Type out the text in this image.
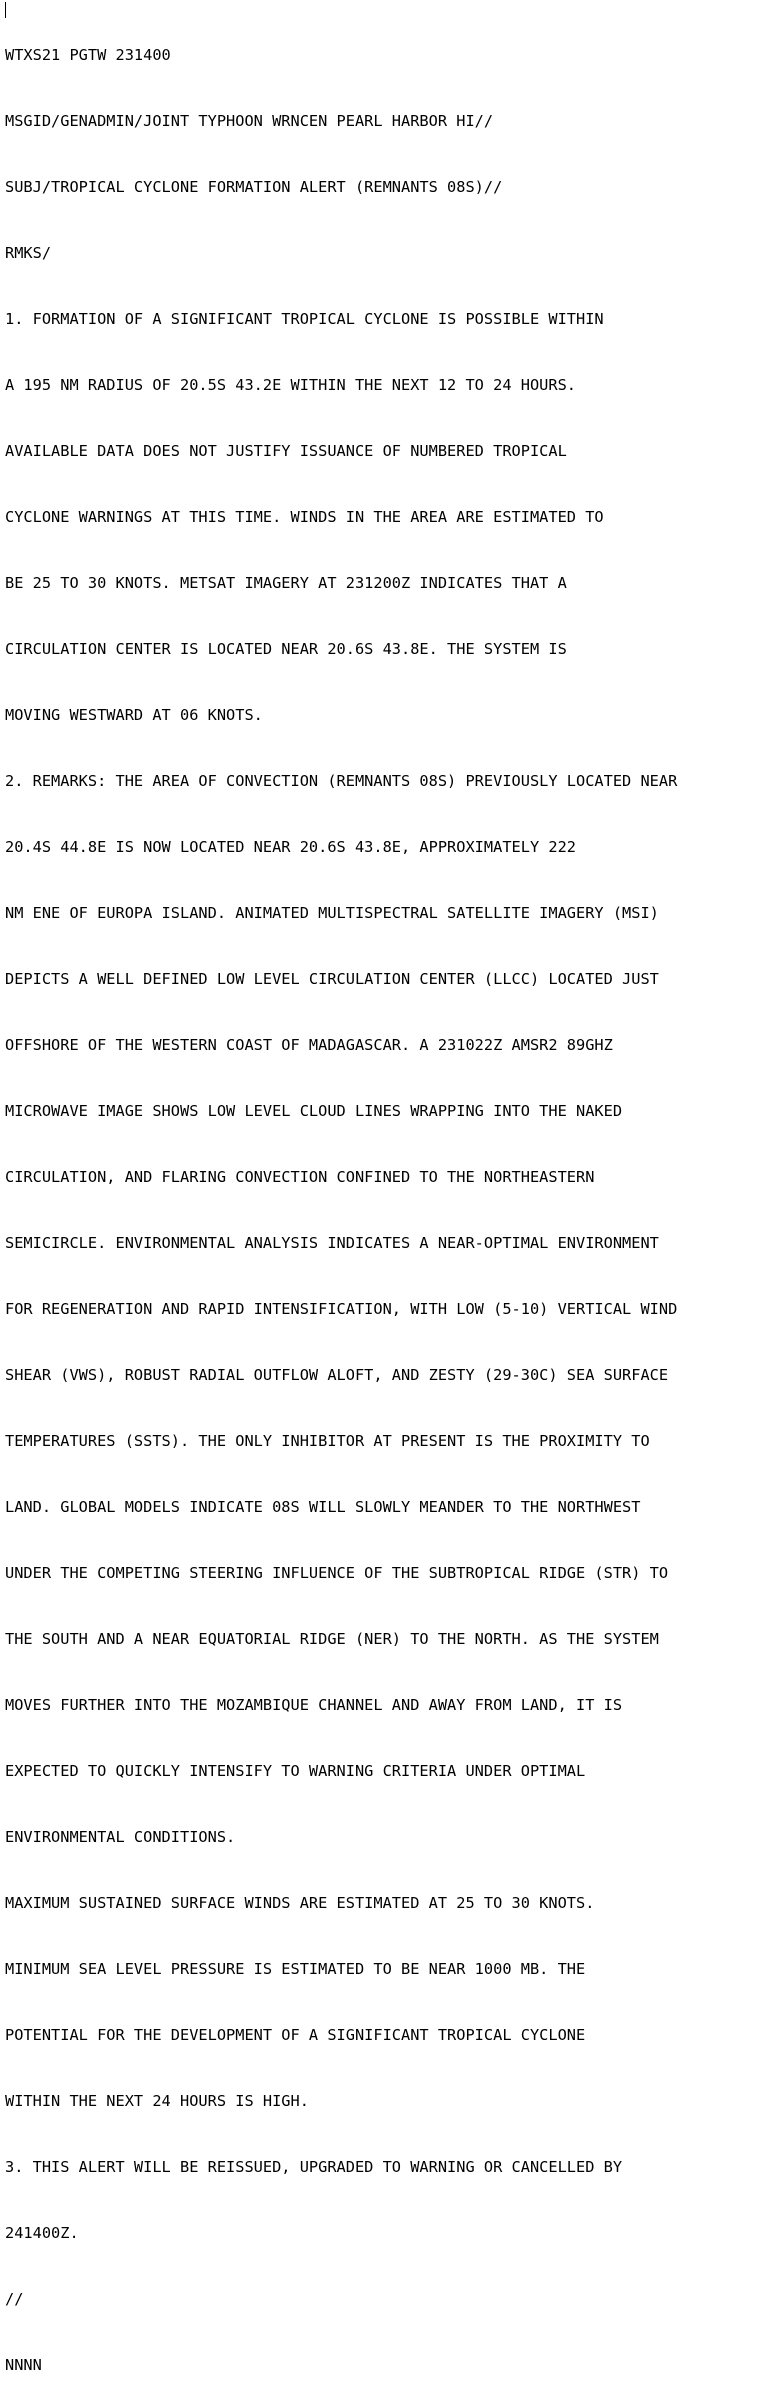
WTXS21 PGTW 231400

MSGID/GENADMIN/JOINT TYPHOON WRNCEN PEARL HARBOR HI//

SUBJ/TROPICAL CYCLONE FORMATION ALERT (REMNANTS 08S)//

RMKS/

1. FORMATION OF A SIGNIFICANT TROPICAL CYCLONE IS POSSIBLE WITHIN

A 195 NM RADIUS OF 20.5S 43.2E WITHIN THE NEXT 12 TO 24 HOURS.

AVAILABLE DATA DOES NOT JUSTIFY ISSUANCE OF NUMBERED TROPICAL

CYCLONE WARNINGS AT THIS TIME. WINDS IN THE AREA ARE ESTIMATED TO

BE 25 TO 30 KNOTS. METSAT IMAGERY AT 231200Z INDICATES THAT A

CIRCULATION CENTER IS LOCATED NEAR 20.6S 43.8E. THE SYSTEM IS

MOVING WESTWARD AT 06 KNOTS.

2. REMARKS: THE AREA OF CONVECTION (REMNANTS 08S) PREVIOUSLY LOCATED NEAR

20.4S 44.8E IS NOW LOCATED NEAR 20.6S 43.8E, APPROXIMATELY 222

NM ENE OF EUROPA ISLAND. ANIMATED MULTISPECTRAL SATELLITE IMAGERY (MSI)

DEPICTS A WELL DEFINED LOW LEVEL CIRCULATION CENTER (LLCC) LOCATED JUST

OFFSHORE OF THE WESTERN COAST OF MADAGASCAR. A 231022Z AMSR2 89GHZ

MICROWAVE IMAGE SHOWS LOW LEVEL CLOUD LINES WRAPPING INTO THE NAKED

CIRCULATION, AND FLARING CONVECTION CONFINED TO THE NORTHEASTERN

SEMICIRCLE. ENVIRONMENTAL ANALYSIS INDICATES A NEAR-OPTIMAL ENVIRONMENT

FOR REGENERATION AND RAPID INTENSIFICATION, WITH LOW (5-10) VERTICAL WIND

SHEAR (VWS), ROBUST RADIAL OUTFLOW ALOFT, AND ZESTY (29-30C) SEA SURFACE

TEMPERATURES (SSTS). THE ONLY INHIBITOR AT PRESENT IS THE PROXIMITY TO

LAND. GLOBAL MODELS INDICATE 08S WILL SLOWLY MEANDER TO THE NORTHWEST

UNDER THE COMPETING STEERING INFLUENCE OF THE SUBTROPICAL RIDGE (STR) TO

THE SOUTH AND A NEAR EQUATORIAL RIDGE (NER) TO THE NORTH. AS THE SYSTEM

MOVES FURTHER INTO THE MOZAMBIQUE CHANNEL AND AWAY FROM LAND, IT IS

EXPECTED TO QUICKLY INTENSIFY TO WARNING CRITERIA UNDER OPTIMAL

ENVIRONMENTAL CONDITIONS.

MAXIMUM SUSTAINED SURFACE WINDS ARE ESTIMATED AT 25 TO 30 KNOTS.

MINIMUM SEA LEVEL PRESSURE IS ESTIMATED TO BE NEAR 1000 MB. THE

POTENTIAL FOR THE DEVELOPMENT OF A SIGNIFICANT TROPICAL CYCLONE

WITHIN THE NEXT 24 HOURS IS HIGH.

3. THIS ALERT WILL BE REISSUED, UPGRADED TO WARNING OR CANCELLED BY

241400Z.

//

NNNN
